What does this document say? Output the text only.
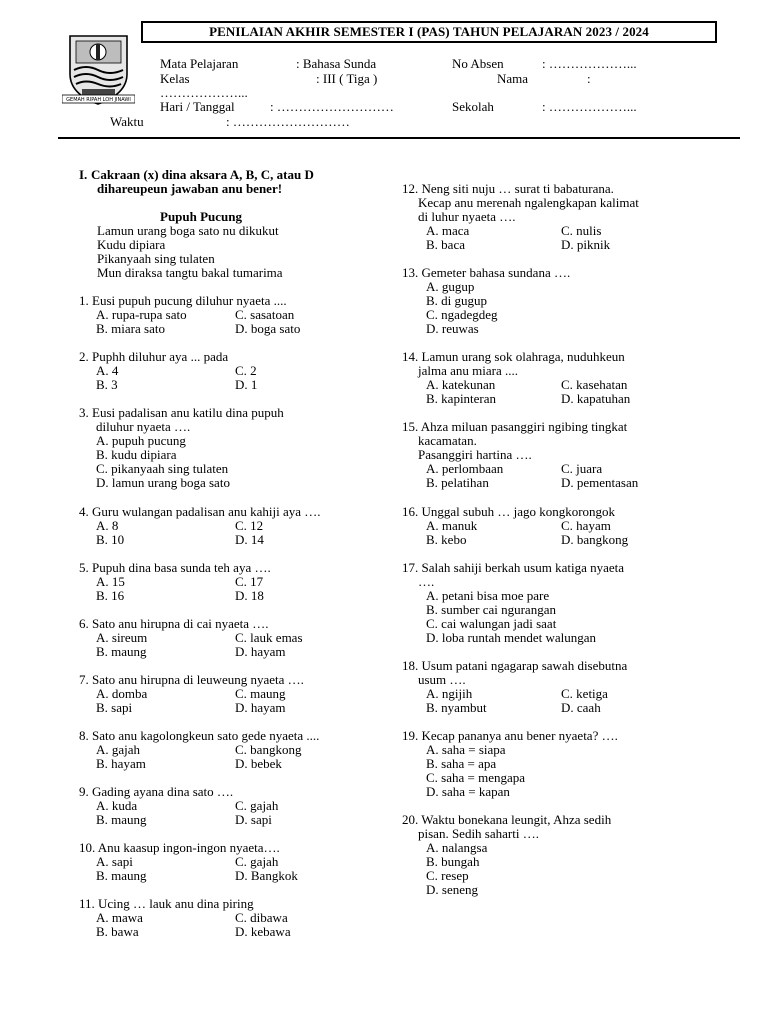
PENILAIAN AKHIR SEMESTER I (PAS) TAHUN PELAJARAN 2023 / 2024
GEMAH RIPAH LOH JINAWI
Mata Pelajaran	: Bahasa Sunda	No Absen	: ………………...
Kelas	: III ( Tiga )	Nama	:
………………...
Hari / Tanggal	: ………………………	Sekolah	: ………………...
Waktu	: ………………………
I. Cakraan (x) dina aksara A, B, C, atau D
dihareupeun jawaban anu bener!
Pupuh Pucung
Lamun urang boga sato nu dikukut
Kudu dipiara
Pikanyaah sing tulaten
Mun diraksa tangtu bakal tumarima
1. Eusi pupuh pucung diluhur nyaeta ....
A. rupa-rupa sato	C. sasatoan
B. miara sato	D. boga sato
2. Puphh diluhur aya ... pada
A. 4	C. 2
B. 3	D. 1
3. Eusi padalisan anu katilu dina pupuh
diluhur nyaeta ….
A. pupuh pucung
B. kudu dipiara
C. pikanyaah sing tulaten
D. lamun urang boga sato
4. Guru wulangan padalisan anu kahiji aya ….
A. 8	C. 12
B. 10	D. 14
5. Pupuh dina basa sunda teh aya ….
A. 15	C. 17
B. 16	D. 18
6. Sato anu hirupna di cai nyaeta ….
A. sireum	C. lauk emas
B. maung	D. hayam
7. Sato anu hirupna di leuweung nyaeta ….
A. domba	C. maung
B. sapi	D. hayam
8. Sato anu kagolongkeun sato gede nyaeta ....
A. gajah	C. bangkong
B. hayam	D. bebek
9. Gading ayana dina sato ….
A. kuda	C. gajah
B. maung	D. sapi
10. Anu kaasup ingon-ingon nyaeta….
A. sapi	C. gajah
B. maung	D. Bangkok
11. Ucing … lauk anu dina piring
A. mawa	C. dibawa
B. bawa	D. kebawa
12. Neng siti nuju … surat ti babaturana.
Kecap anu merenah ngalengkapan kalimat
di luhur nyaeta ….
A. maca	C. nulis
B. baca	D. piknik
13. Gemeter bahasa sundana ….
A. gugup
B. di gugup
C. ngadegdeg
D. reuwas
14. Lamun urang sok olahraga, nuduhkeun
jalma anu miara ....
A. katekunan	C. kasehatan
B. kapinteran	D. kapatuhan
15. Ahza miluan pasanggiri ngibing tingkat
kacamatan.
Pasanggiri hartina ….
A. perlombaan	C. juara
B. pelatihan	D. pementasan
16. Unggal subuh … jago kongkorongok
A. manuk	C. hayam
B. kebo	D. bangkong
17. Salah sahiji berkah usum katiga nyaeta
….
A. petani bisa moe pare
B. sumber cai ngurangan
C. cai walungan jadi saat
D. loba runtah mendet walungan
18. Usum patani ngagarap sawah disebutna
usum ….
A. ngijih	C. ketiga
B. nyambut	D. caah
19. Kecap pananya anu bener nyaeta? ….
A. saha = siapa
B. saha = apa
C. saha = mengapa
D. saha = kapan
20. Waktu bonekana leungit, Ahza sedih
pisan. Sedih saharti ….
A. nalangsa
B. bungah
C. resep
D. seneng
